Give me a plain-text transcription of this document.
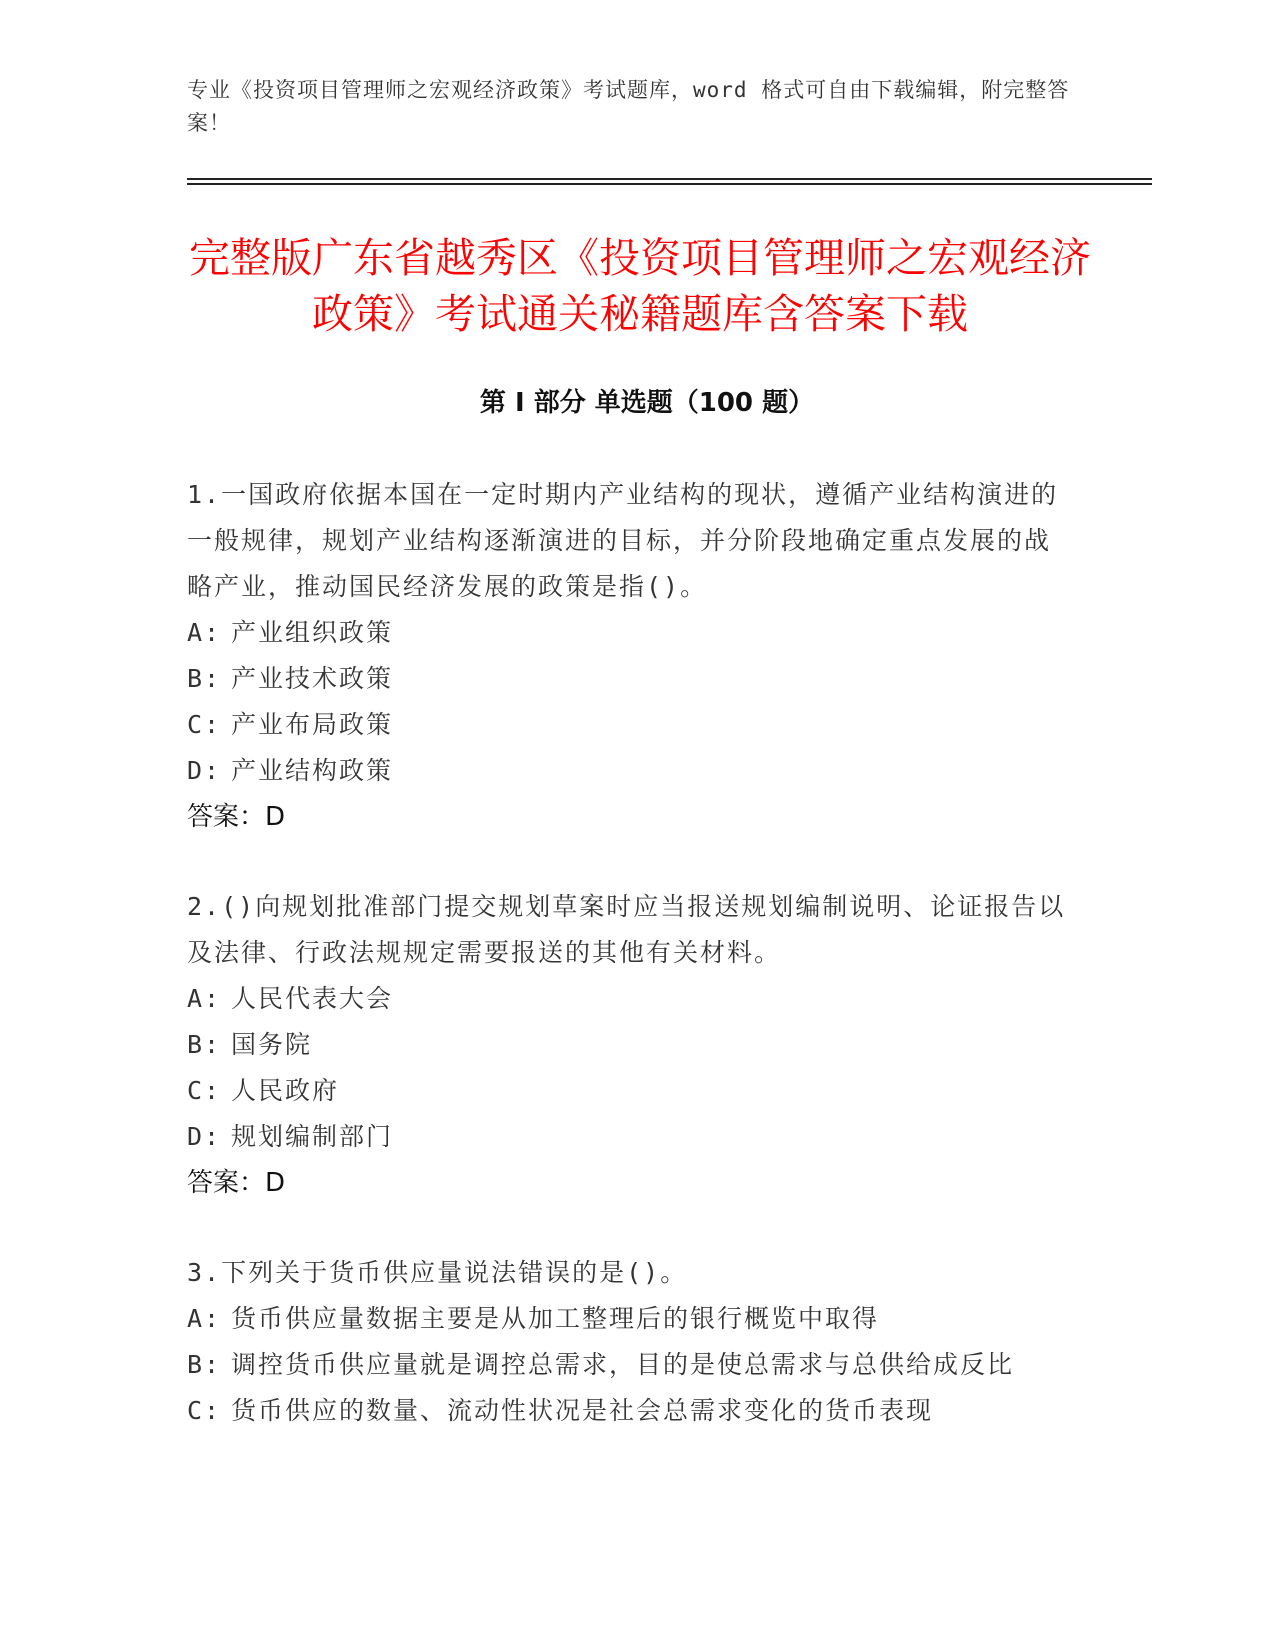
专业《投资项目管理师之宏观经济政策》考试题库，word 格式可自由下载编辑，附完整答案！
完整版广东省越秀区《投资项目管理师之宏观经济政策》考试通关秘籍题库含答案下载
第 I 部分 单选题（100 题）

1.一国政府依据本国在一定时期内产业结构的现状，遵循产业结构演进的一般规律，规划产业结构逐渐演进的目标，并分阶段地确定重点发展的战略产业，推动国民经济发展的政策是指()。

A: 产业组织政策

B: 产业技术政策

C: 产业布局政策

D: 产业结构政策

答案：D

2.()向规划批准部门提交规划草案时应当报送规划编制说明、论证报告以及法律、行政法规规定需要报送的其他有关材料。

A: 人民代表大会

B: 国务院

C: 人民政府

D: 规划编制部门

答案：D

3.下列关于货币供应量说法错误的是()。

A: 货币供应量数据主要是从加工整理后的银行概览中取得

B: 调控货币供应量就是调控总需求，目的是使总需求与总供给成反比

C: 货币供应的数量、流动性状况是社会总需求变化的货币表现
